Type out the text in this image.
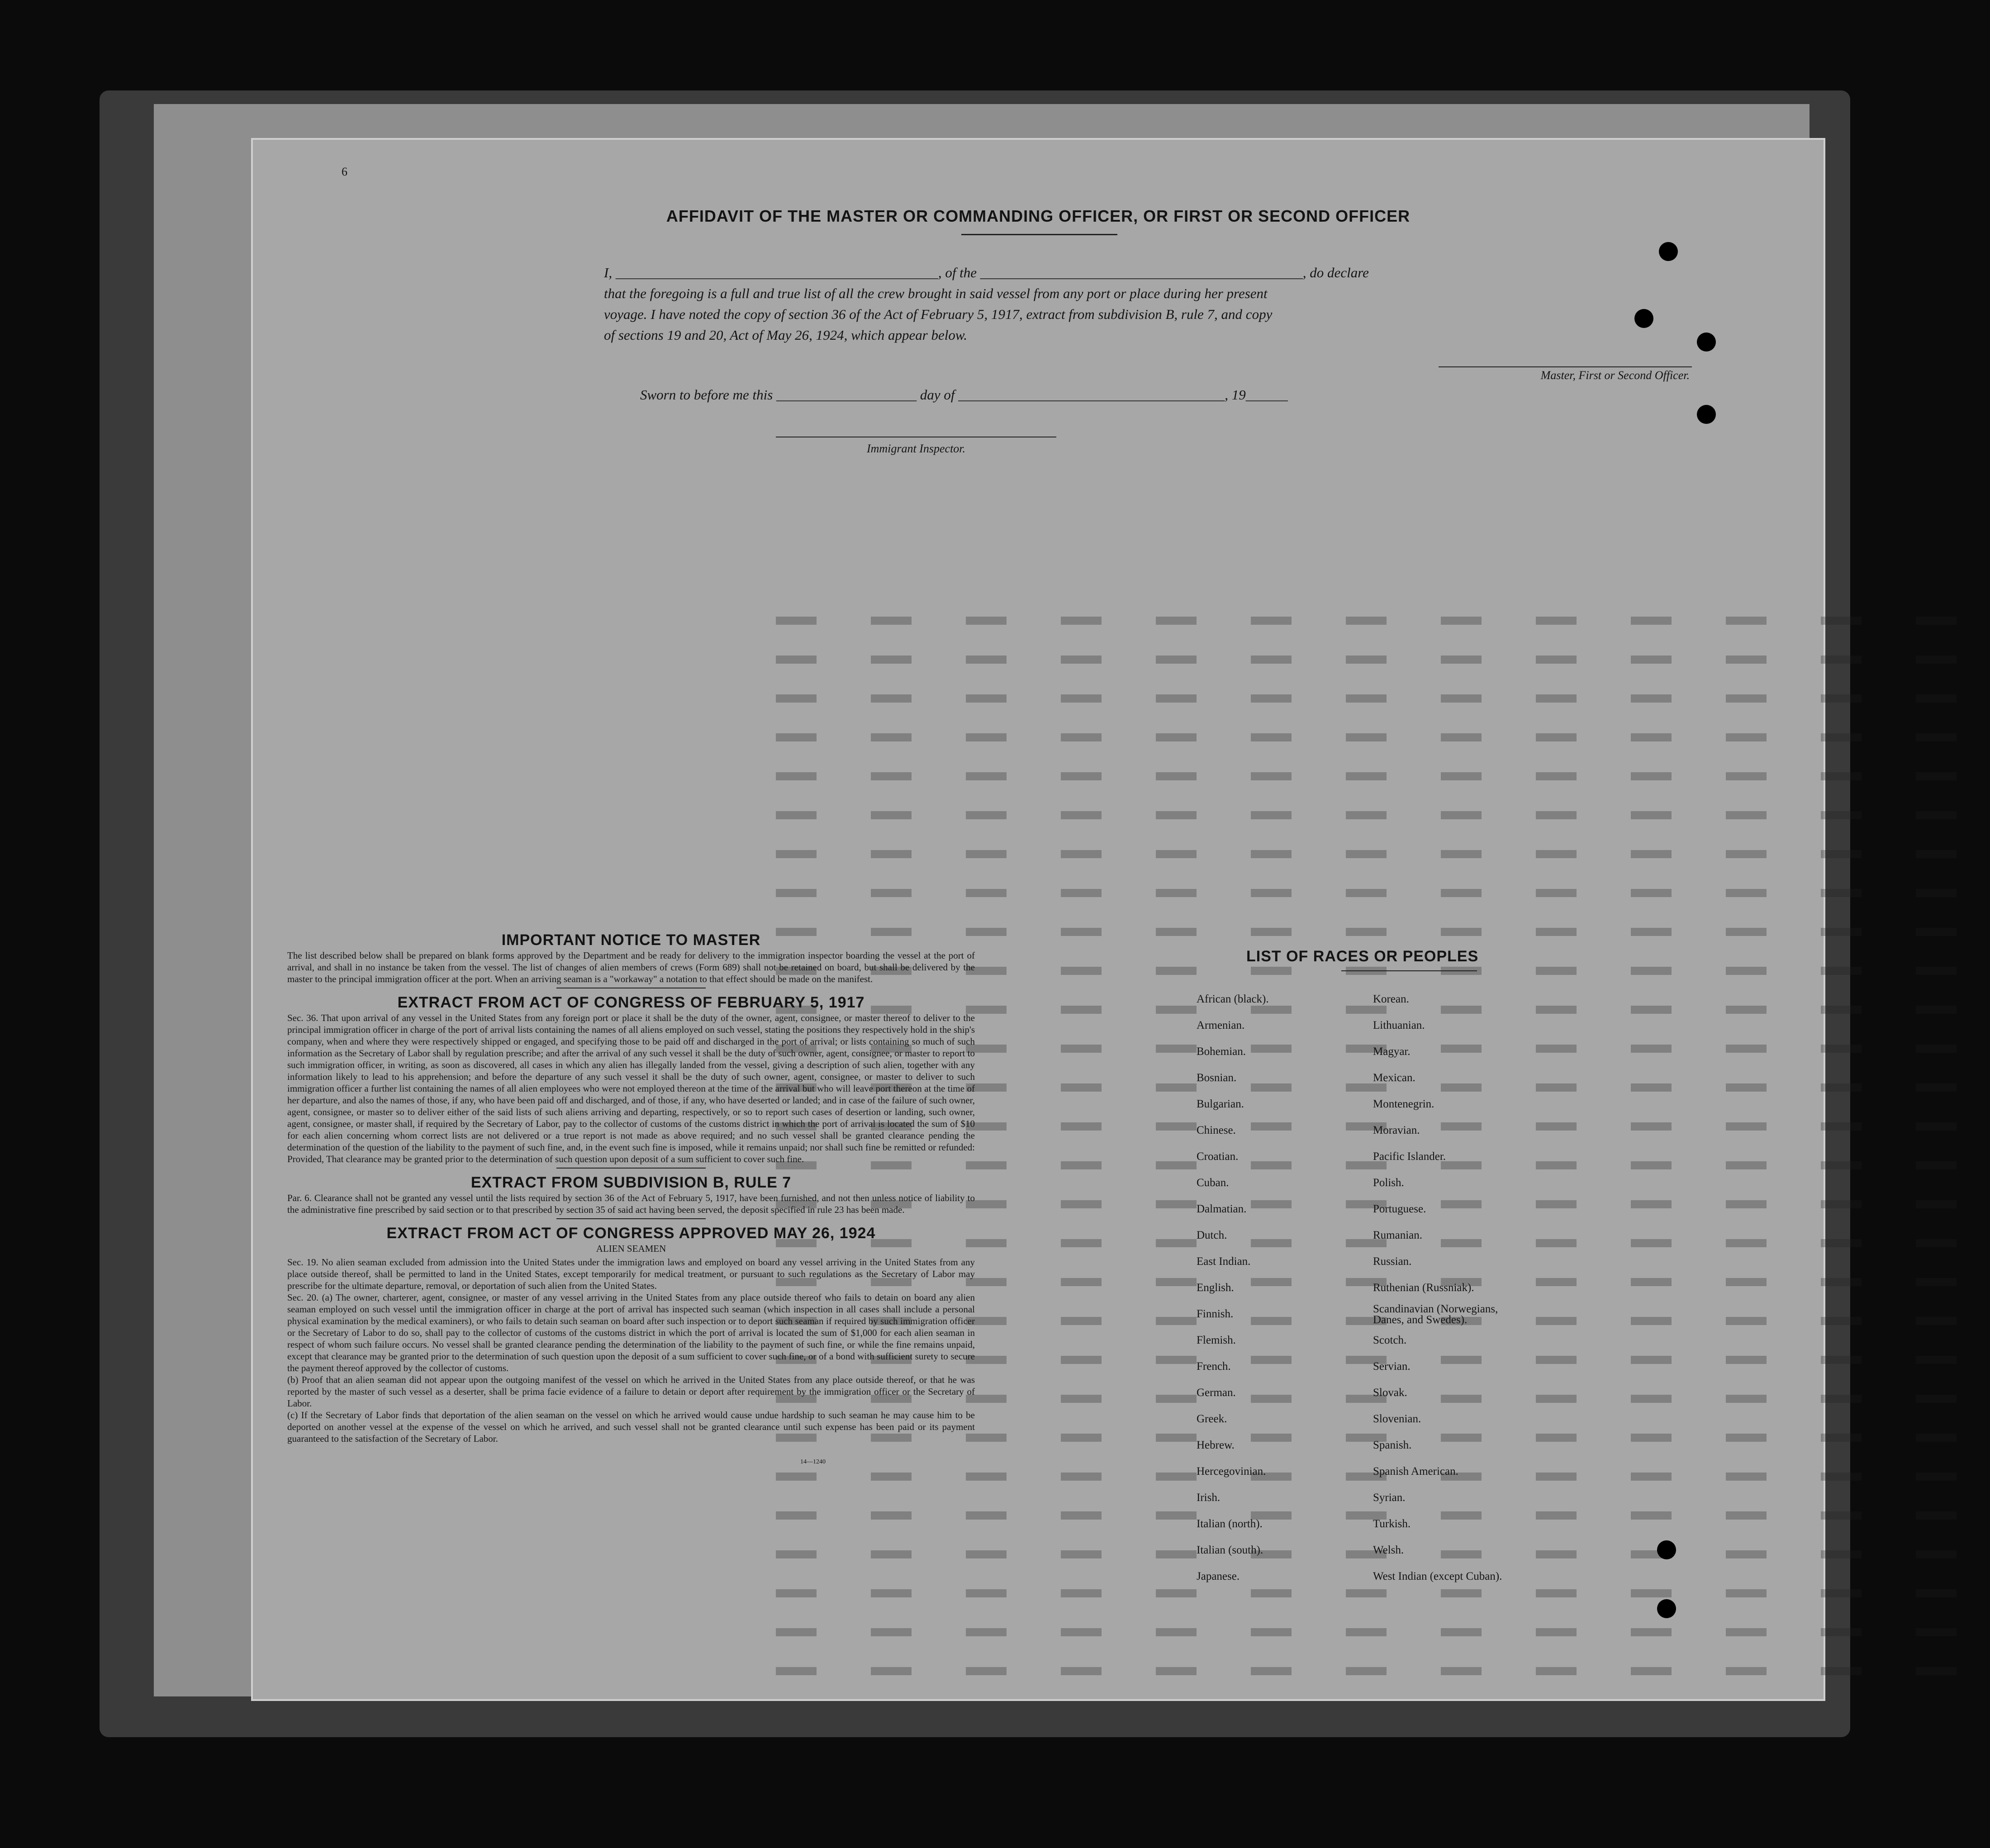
6
AFFIDAVIT OF THE MASTER OR COMMANDING OFFICER, OR FIRST OR SECOND OFFICER
I, ______________________________________________, of the ______________________________________________, do declare
that the foregoing is a full and true list of all the crew brought in said vessel from any port or place during her present
voyage. I have noted the copy of section 36 of the Act of February 5, 1917, extract from subdivision B, rule 7, and copy
of sections 19 and 20, Act of May 26, 1924, which appear below.
Master, First or Second Officer.
Sworn to before me this ____________________ day of ______________________________________, 19______
Immigrant Inspector.
IMPORTANT NOTICE TO MASTER

The list described below shall be prepared on blank forms approved by the Department and be ready for delivery to the immigration inspector boarding the vessel at the port of arrival, and shall in no instance be taken from the vessel. The list of changes of alien members of crews (Form 689) shall not be retained on board, but shall be delivered by the master to the principal immigration officer at the port. When an arriving seaman is a "workaway" a notation to that effect should be made on the manifest.

EXTRACT FROM ACT OF CONGRESS OF FEBRUARY 5, 1917

Sec. 36. That upon arrival of any vessel in the United States from any foreign port or place it shall be the duty of the owner, agent, consignee, or master thereof to deliver to the principal immigration officer in charge of the port of arrival lists containing the names of all aliens employed on such vessel, stating the positions they respectively hold in the ship's company, when and where they were respectively shipped or engaged, and specifying those to be paid off and discharged in the port of arrival; or lists containing so much of such information as the Secretary of Labor shall by regulation prescribe; and after the arrival of any such vessel it shall be the duty of such owner, agent, consignee, or master to report to such immigration officer, in writing, as soon as discovered, all cases in which any alien has illegally landed from the vessel, giving a description of such alien, together with any information likely to lead to his apprehension; and before the departure of any such vessel it shall be the duty of such owner, agent, consignee, or master to deliver to such immigration officer a further list containing the names of all alien employees who were not employed thereon at the time of the arrival but who will leave port thereon at the time of her departure, and also the names of those, if any, who have been paid off and discharged, and of those, if any, who have deserted or landed; and in case of the failure of such owner, agent, consignee, or master so to deliver either of the said lists of such aliens arriving and departing, respectively, or so to report such cases of desertion or landing, such owner, agent, consignee, or master shall, if required by the Secretary of Labor, pay to the collector of customs of the customs district in which the port of arrival is located the sum of $10 for each alien concerning whom correct lists are not delivered or a true report is not made as above required; and no such vessel shall be granted clearance pending the determination of the question of the liability to the payment of such fine, and, in the event such fine is imposed, while it remains unpaid; nor shall such fine be remitted or refunded: Provided, That clearance may be granted prior to the determination of such question upon deposit of a sum sufficient to cover such fine.

EXTRACT FROM SUBDIVISION B, RULE 7

Par. 6. Clearance shall not be granted any vessel until the lists required by section 36 of the Act of February 5, 1917, have been furnished, and not then unless notice of liability to the administrative fine prescribed by said section or to that prescribed by section 35 of said act having been served, the deposit specified in rule 23 has been made.

EXTRACT FROM ACT OF CONGRESS APPROVED MAY 26, 1924
ALIEN SEAMEN

Sec. 19. No alien seaman excluded from admission into the United States under the immigration laws and employed on board any vessel arriving in the United States from any place outside thereof, shall be permitted to land in the United States, except temporarily for medical treatment, or pursuant to such regulations as the Secretary of Labor may prescribe for the ultimate departure, removal, or deportation of such alien from the United States.

Sec. 20. (a) The owner, charterer, agent, consignee, or master of any vessel arriving in the United States from any place outside thereof who fails to detain on board any alien seaman employed on such vessel until the immigration officer in charge at the port of arrival has inspected such seaman (which inspection in all cases shall include a personal physical examination by the medical examiners), or who fails to detain such seaman on board after such inspection or to deport such seaman if required by such immigration officer or the Secretary of Labor to do so, shall pay to the collector of customs of the customs district in which the port of arrival is located the sum of $1,000 for each alien seaman in respect of whom such failure occurs. No vessel shall be granted clearance pending the determination of the liability to the payment of such fine, or while the fine remains unpaid, except that clearance may be granted prior to the determination of such question upon the deposit of a sum sufficient to cover such fine, or of a bond with sufficient surety to secure the payment thereof approved by the collector of customs.

(b) Proof that an alien seaman did not appear upon the outgoing manifest of the vessel on which he arrived in the United States from any place outside thereof, or that he was reported by the master of such vessel as a deserter, shall be prima facie evidence of a failure to detain or deport after requirement by the immigration officer or the Secretary of Labor.

(c) If the Secretary of Labor finds that deportation of the alien seaman on the vessel on which he arrived would cause undue hardship to such seaman he may cause him to be deported on another vessel at the expense of the vessel on which he arrived, and such vessel shall not be granted clearance until such expense has been paid or its payment guaranteed to the satisfaction of the Secretary of Labor.

14—1240
LIST OF RACES OR PEOPLES
African (black).
Armenian.
Bohemian.
Bosnian.
Bulgarian.
Chinese.
Croatian.
Cuban.
Dalmatian.
Dutch.
East Indian.
English.
Finnish.
Flemish.
French.
German.
Greek.
Hebrew.
Hercegovinian.
Irish.
Italian (north).
Italian (south).
Japanese.
Korean.
Lithuanian.
Magyar.
Mexican.
Montenegrin.
Moravian.
Pacific Islander.
Polish.
Portuguese.
Rumanian.
Russian.
Ruthenian (Russniak).
Scandinavian (Norwegians,
Danes, and Swedes).
Scotch.
Servian.
Slovak.
Slovenian.
Spanish.
Spanish American.
Syrian.
Turkish.
Welsh.
West Indian (except Cuban).
